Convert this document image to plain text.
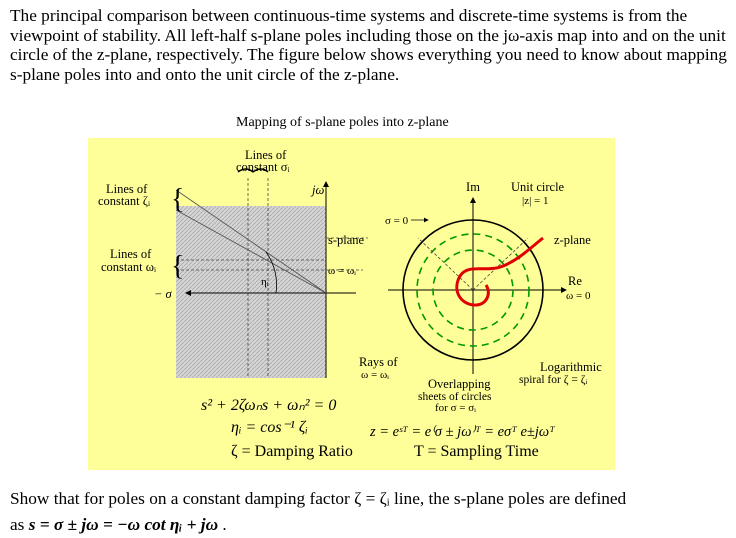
The principal comparison between continuous-time systems and discrete-time systems is from the viewpoint of stability. All left-half s-plane poles including those on the jω-axis map into and on the unit circle of the z-plane, respectively. The figure below shows everything you need to know about mapping s-plane poles into and onto the unit circle of the z-plane.
Mapping of s-plane poles into z-plane
{
{
Lines of
constant σᵢ
Lines of
constant ζᵢ
Lines of
constant ωᵢ
− σ
jω
ηᵢ
s-plane
ω = ωᵢ
σ = 0
Im Unit circle
|z| = 1
z-plane
Re
ω = 0
Rays of
ω = ωᵢ
Overlapping
sheets of circles
for σ = σᵢ
Logarithmic
spiral for ζ = ζᵢ
s² + 2ζωₙs + ωₙ² = 0
ηᵢ = cos⁻¹ ζᵢ
ζ = Damping Ratio
z = eˢᵀ = e⁽σ ± jω⁾ᵀ = eσᵀ e±jωᵀ
T = Sampling Time
Show that for poles on a constant damping factor ζ = ζᵢ line, the s-plane poles are defined
as s = σ ± jω = −ω cot ηᵢ + jω .
